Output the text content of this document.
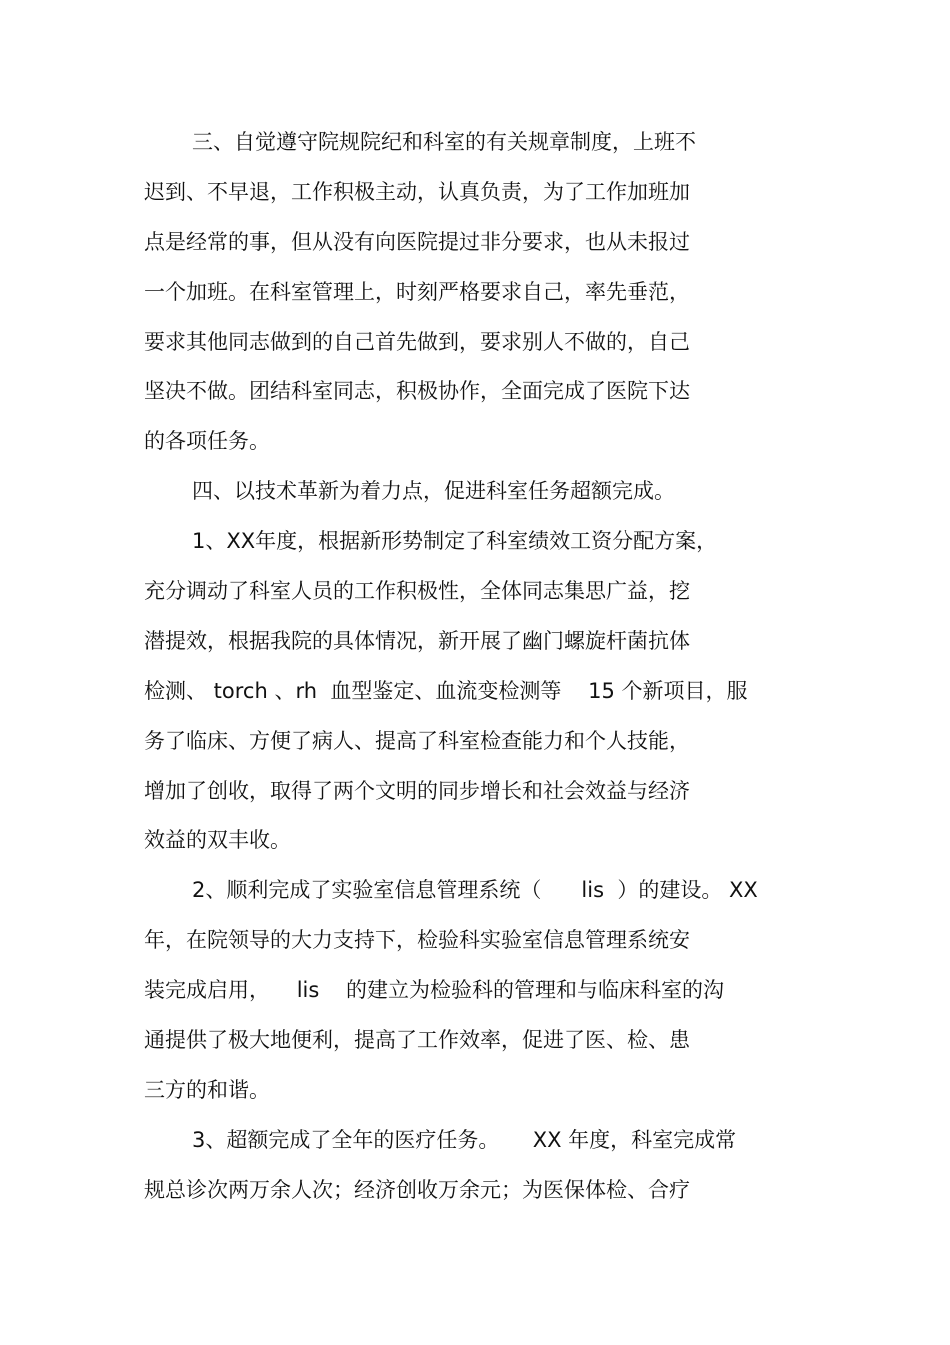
三、自觉遵守院规院纪和科室的有关规章制度，上班不
迟到、不早退，工作积极主动，认真负责，为了工作加班加
点是经常的事，但从没有向医院提过非分要求，也从未报过
一个加班。在科室管理上，时刻严格要求自己，率先垂范，
要求其他同志做到的自己首先做到，要求别人不做的，自己
坚决不做。团结科室同志，积极协作，全面完成了医院下达
的各项任务。
四、以技术革新为着力点，促进科室任务超额完成。
1、XX年度，根据新形势制定了科室绩效工资分配方案，
充分调动了科室人员的工作积极性，全体同志集思广益，挖
潜提效，根据我院的具体情况，新开展了幽门螺旋杆菌抗体
检测、 torch 、rh  血型鉴定、血流变检测等    15 个新项目，服
务了临床、方便了病人、提高了科室检查能力和个人技能，
增加了创收，取得了两个文明的同步增长和社会效益与经济
效益的双丰收。
2、顺利完成了实验室信息管理系统（      lis  ）的建设。 XX
年，在院领导的大力支持下，检验科实验室信息管理系统安
装完成启用，    lis    的建立为检验科的管理和与临床科室的沟
通提供了极大地便利，提高了工作效率，促进了医、检、患
三方的和谐。
3、超额完成了全年的医疗任务。     XX 年度，科室完成常
规总诊次两万余人次；经济创收万余元；为医保体检、合疗
